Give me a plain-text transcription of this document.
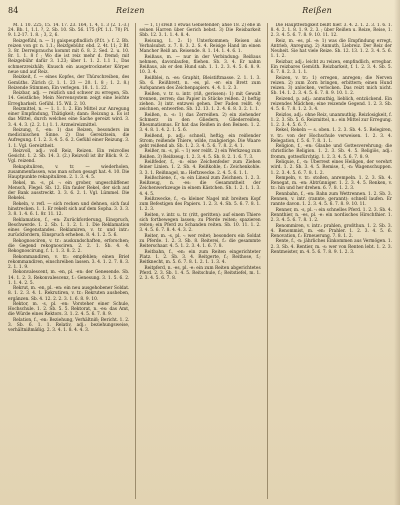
84	Reizen	Reißen

M. I. 10. 225, 15. 14. 17. 23. 164, 1. 4, 1. 3 (2. 1.-3.) 24. Bb. 1, 1.1. ?, 2. Sb. 10. Sb. 56. 175 (Pf. 1.1. 70) Pl. 9. 1.2-17. 1. 8. ; 3, 2, 6.

Reizgefühl, n. — 1) gaispeupfindlich (P.f.t. ): f. 2. Bb. reizen von gr. n. 1.1.; Reizfgebühr. ebd. 2. 4t. 11; 2 Bf. 3. 8r. Derreiprauchs kommt mit 6. 8. 2. Sed. 2. u. 10. 8r. 1. 1. 8 f ; Wo die ist reiz mehr d. fremd; mit Reizgebühr dafür 3. 1.23; über 1. 1. 2. 1.1 1., Das schmerzreizhält; Knusch ein ausgetrockneter Körper neue und auf Reiz.

Reizkeit, f. — eines Kopfes, der Thürschreiben, des Gemüths. Zürich (2. 1. 1. 23 — 20. 1. 8 ; 1. 2. 8.) Reizende Stimmen, Ein verlegen. 18. 1. 1. 22.

Reizbar, adj. — reizlich und schwer zu erregen, Sb. 14. Geistliche; Mein Nervensystem zeigt eine leichte Erregbarkeit. Gefühl. 15. Wil. 2. 10.

Reizmittel, n. — 1. 1. 1. 2. Ein Mittel zur Anregung einer Empfindung, Thätigkeit; dann: Reizung a. Es ist das Mittel, durch welches eine Sache gereizt wird. 3. 3. 4. 4. 3. (2. 2. 1.) 1. 1. Arzneireizmittel.

Reizung, f., -en: 1) das Reizen, besonders im medicinischen Sinne. 2) Das Gereiztsein, die Aufregung. f. 1. 2. 3. 4. 5. 6. 2. Gefühl einer Reizung. 3. 1. 1. Vgl. Gereiztheit.

Reizvoll, adj.: voll Reiz, Reizen. Ein reizvolles Gesicht. 1. 2. Sb. 14. 3. (2.) Reizvoll ist ihr Blick. 9. 2. Vgl. reizend.

Rekapituliren, v. tr. — wiederholen, zusammenfassen, was man schon gesagt hat. 4. 10. Die Hauptpunkte rekapituliren. 2. 1. 3. 4. 5.

Rekel, m. -s, pl. -: ein grober, ungeschliffener Mensch, Flegel. Sb. 12. Ein fauler Rekel, der sich auf der Bank ausstreckt. 3. 3. 6. 2. 1. Vgl. Lümmel. Die Rekelei.

Rekeln, v. refl. — sich recken und dehnen, sich faul hinstrecken. 1. 1. Er rekelt sich auf dem Sopha. 3. 3. 3. 3. 8. 1. 4. 6. 1. 8r. 11. 12.

Reklamation, f., -en: Zurückforderung, Einspruch, Beschwerde. 1. 2. Sb. 1. 1. 2. 1. 1. Die Reklamation eines Gegenstandes. Reklamiren, v. tr. und intr.: zurückfordern, Einspruch erheben. 8. 4. 1. 2. 5. 6.

Rekognosciren, v. tr.: auskundschaften, erforschen; die Gegend rekognosciren. 2. 2. 1. Sb. 4. 4. Rekognoscirung, f. 1. 1. 3. 8. 2. 2.

Rekommandiren, v. tr.: empfehlen; einen Brief rekommandiren, einschreiben lassen. 3. 4. 1. 2. 7. 8. 3. 2. 1. 1. 9.

Rekonvalescent, m. -en, pl. -en: der Genesende. Sb. 14. 1. 2. 3. Rekonvalescenz, f.: Genesung. 3. 1. 5. 6. 2. 1. 1. 4. 2. 5.

Rekrut, m. -en, pl. -en: ein neu ausgehobener Soldat. 8. 1. 2. 3. 4. 1. Rekrutiren, v. tr.: Rekruten ausheben, ergänzen. Sb. 4. 12. 2. 2. 3. 1. 6. 8. 9. 10.

Rektor, m. -s, pl. -en: Vorsteher einer Schule, Hochschule. 1. 2. Sb. 5. 5. Rektorat, n. -es: das Amt, die Würde eines Rektors. 3. 1. 2. 4. 5. 6. 7. 8. 9.

Relation, f., -en: Beziehung, Verhältniß; Bericht. 1. 2. 3. Sb. 6. 1. 1. Relativ, adj.: beziehungsweise, verhältnißmäßig. 2. 3. 4. 1. 8. 4. 4. 3.

— 1, 1) sreiß 1 etwas Gebietender; ahse 18. 2) ehe in seinen Harren über Gerich bebst. 3) Die Reisbarkeit Sbb. 12. 3. 1. 1. 4. 8. 4.

Reisung, 1. 2: 1) Unterkommen; Reisen als Verbalsubst. z. 7. 8. 3. 2. S. 4. Reisige Hand im einen Mancher Reiß an. Reisende. 8. 1. 14. 1. 4. 6. 1.

Reißaus, m. — nur in der Verbindung: Reißaus nehmen, davonlaufen, fliehen. Sb. 3. 4. Er nahm Reißaus, als er den Hund sah. 1. 1. 2. 3. 4. 5. 6. 8. 9. 10. 3. 4.

Reißblei, n. -es: Graphit, Bleistiftmasse. 2. 1. 1. 3. Sb. 6. Reißbrett, n. -es, pl. -er: ein Brett zum Aufspannen des Zeichenpapiers. 4. 4. 1. 2. 3.

Reißen, v. tr. u. intr. (riß, gerissen): 1) mit Gewalt trennen, zerren; das Papier in Stücke reißen. 2) heftig ziehen. 3) intr. entzwei gehen. Der Faden reißt. 4) zeichnen, entwerfen. Sb. 12. 13. 1. 2. 4. 6. 8. 3. 2. 1. 1.

Reißen, n. -s: 1) das Zerreißen. 2) ein ziehender Schmerz in den Gliedern, Gliederreißen, Rheumatismus. Er hat das Reißen in den Beinen. 1. 2. 3. 4. 8. 1. 4. 2. 1. 5. 6.

Reißend, p. adj.: schnell, heftig; ein reißender Strom; reißende Thiere, wilde, raubgierige. Die Waare geht reißend ab. Sb. 1. 2. 3. 4. 5. 6. 7. 8. 2. 4. 1.

Reißer, m. -s, pl. -: 1) wer reißt. 2) ein Werkzeug zum Reißen. 3) Reißzeug. 1. 2. 3. 4. 5. Sb. 8. 2. 1. 6. 7. 3.

Reißfeder, f., -n: eine Zeichenfeder zum Ziehen feiner Linien. 1. 2. Sb. 4. Reißkohle, f.: Zeichenkohle. 3. 3. 1. Reißnagel, m.: Heftzwecke. 2. 4. 5. 6. 1. 1.

Reißschiene, f., -n: ein Lineal zum Zeichnen. 1. 2. 3. Reißzeug, n. -es: die Gesammtheit der Zeichenwerkzeuge in einem Kästchen. Sb. 1. 2. 1. 1. 3. 4. 4. 5.

Reißzwecke, f., -n: kleiner Nagel mit breitem Kopf zum Befestigen des Papiers. 1. 2. 3. 4. Sb. 5. 6. 7. 8. 1. 1. 2. 3.

Reiten, v. intr. u. tr. (ritt, geritten): auf einem Thiere sich fortbewegen lassen; zu Pferde reiten; spazieren reiten; ein Pferd zu Schanden reiten. Sb. 10. 11. 1. 2. 3. 4. 5. 6. 7. 8. 4. 4. 3. 2.

Reiter, m. -s, pl. -: wer reitet; besonders ein Soldat zu Pferde. 1. 2. 3. Sb. 8. Reiterei, f.: die gesammte Reiterschaar. 4. 5. 1. 2. 3. 4. 1. 6. 7. 8.

Reitbahn, f., -en: ein zum Reiten eingerichteter Platz. 1. 2. Sb. 3. 4. Reitgerte, f.; Reithose, f.; Reitknecht, m. 5. 6. 7. 8. 1. 2. 1. 1. 3. 4.

Reitpferd, n. -es, pl. -e: ein zum Reiten abgerichtetes Pferd. 2. 3. Sb. 1. 4. 5. Reitschule, f.; Reitstiefel, m. 1. 2. 3. 4. 5. 6. 7. 8.

Die Hauptfestigkeit beißt hier. 3. 4. 2. 1. 2. 3. 1. 6. 1. 8. 4. 2. 1. 8. 1. 9. 2. 3. ; über Reißen u. Reize, Reise, 1. 2. 3. 4. 5. 6. 7. 8. 9. 10. 11. 12.

Reiz, m. -es, pl. -e: 1) was die Empfindung erregt, Antrieb, Anregung. 2) Anmuth, Liebreiz. Der Reiz der Neuheit. Sie hat viele Reize. Sb. 12. 13. 1. 2. 3. 4. 5. 6. 1. 1. 2.

Reizbar, adj.: leicht zu reizen, empfindlich, erregbar. Ein reizbares Gemüth. Reizbarkeit, f. 1. 2. 3. 4. Sb. 5. 6. 7. 8. 2. 3. 1. 1.

Reizen, v. tr.: 1) erregen, anregen; die Nerven reizen. 2) zum Zorn bringen, erbittern; einen Hund reizen. 3) anlocken, verlocken. Das reizt mich nicht. Sb. 14. 1. 2. 3. 4. 5. 6. 7. 8. 9. 10. 1. 2.

Reizend, p. adj.: anmuthig, lieblich, entzückend. Ein reizendes Mädchen; eine reizende Gegend. 1. 2. 3. Sb. 4. 5. 6. 7. 8. 1. 2. 3. 4.

Reizlos, adj.: ohne Reiz, unanmuthig. Reizlosigkeit, f. 1. 2. 3. Sb. 5. 6. Reizmittel, n.: ein Mittel zur Erregung. 1. 2. 3. 4. 5. 6. 7.

Rekel, Rekeln — s. oben. 1. 2. 3. Sb. 4. 5. Relegiren, v. tr.: von der Hochschule verweisen. 1. 2. 3. 4. Relegation, f. 5. 6. 7. 8. 1. 1.

Religion, f., -en: Glaube und Gottesverehrung; die christliche Religion. 1. 2. 3. Sb. 4. 5. Religiös, adj.: fromm, gottesfürchtig. 1. 2. 3. 4. 5. 6. 7. 8. 9.

Reliquie, f., -n: Überrest eines Heiligen, der verehrt wird. 1. 2. Sb. 3. 4. 5. Remise, f., -n: Wagenschuppen. 1. 2. 3. 4. 5. 6. 7. 8. 1. 2.

Rempeln, v. tr.: stoßen, anrempeln. 1. 2. 3. Sb. 4. Renegat, m. -en: Abtrünniger. 1. 2. 3. 4. 5. Renken, v. tr.: hin und her drehen. 6. 7. 8. 1. 2. 3.

Rennbahn, f., -en: Bahn zum Wettrennen. 1. 2. Sb. 3. Rennen, v. intr. (rannte, gerannt): schnell laufen. Er rannte davon. 1. 2. 3. 4. 5. 6. 7. 8. 9. 10. 11.

Renner, m. -s, pl. -: ein schnelles Pferd. 1. 2. 3. Sb. 4. Rennthier, n. -es, pl. -e: ein nordisches Hirschthier. 1. 2. 3. 4. 5. 6. 7. 8. 1. 2.

Renommiren, v. intr.: prahlen, großthun. 1. 2. Sb. 3. 4. Renommist, m. -en: Prahler. 1. 2. 3. 4. 5. 6. Renovation, f.: Erneuerung. 7. 8. 1. 2.

Rente, f., -n: jährliches Einkommen aus Vermögen. 1. 2. 3. Sb. 4. Rentier, m. -s: wer von Renten lebt. 1. 2. 3. Rentmeister, m. 4. 5. 6. 7. 8. 9. 1. 2. 3.
